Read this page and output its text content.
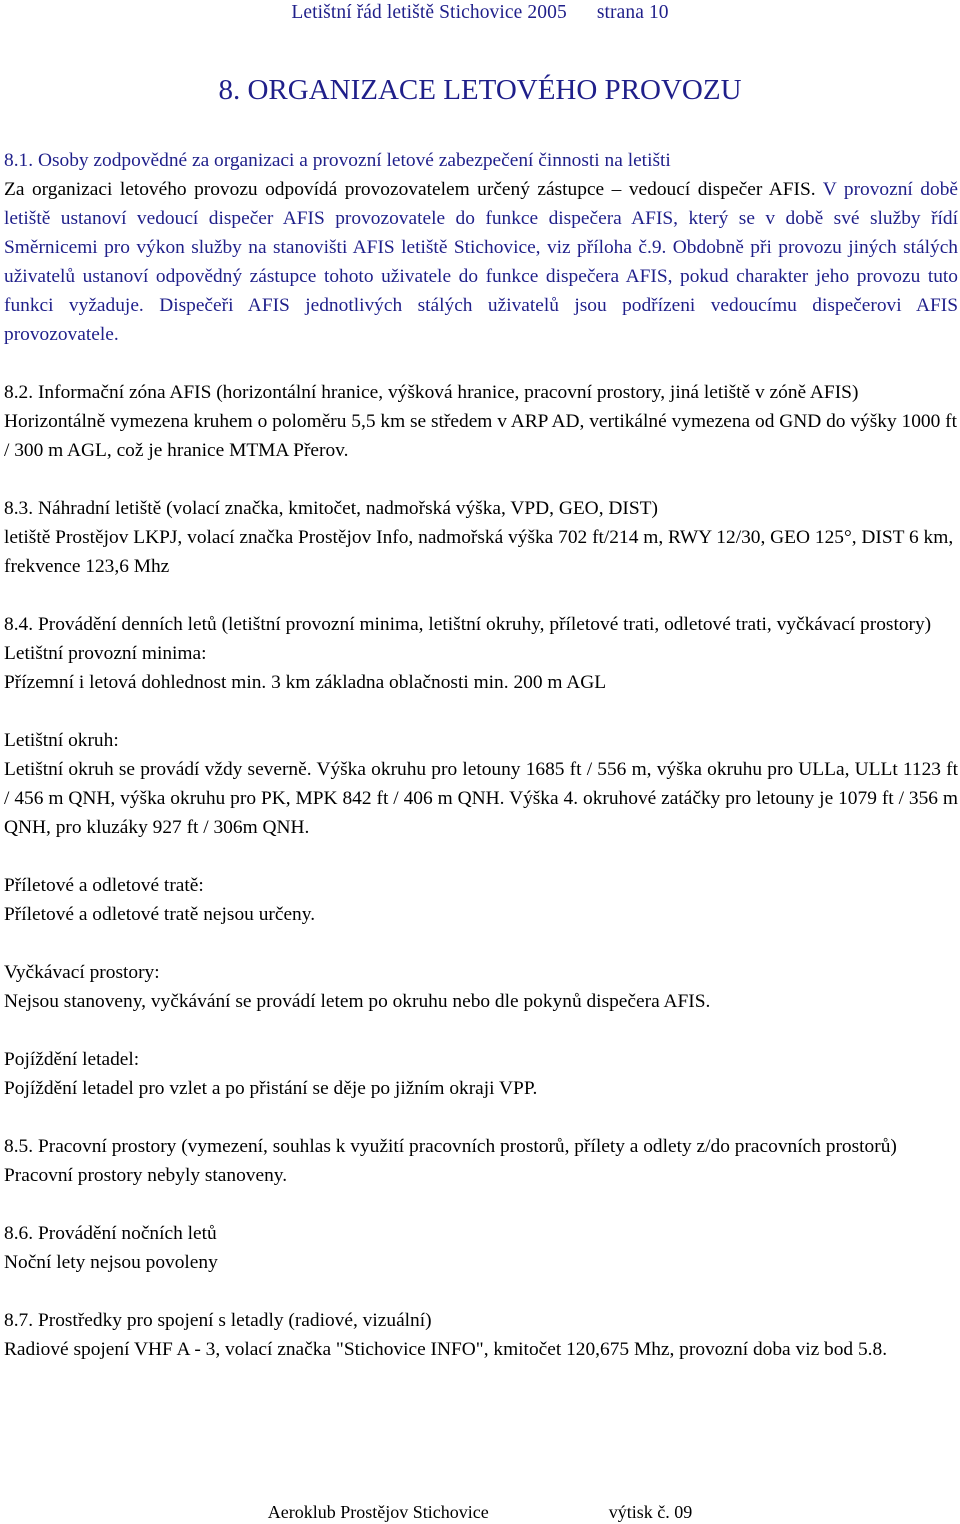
Letištní řád letiště Stichovice 2005 strana 10
8. ORGANIZACE LETOVÉHO PROVOZU

8.1. Osoby zodpovědné za organizaci a provozní letové zabezpečení činnosti na letišti

Za organizaci letového provozu odpovídá provozovatelem určený zástupce – vedoucí dispečer AFIS. V provozní době letiště ustanoví vedoucí dispečer AFIS provozovatele do funkce dispečera AFIS, který se v době své služby řídí Směrnicemi pro výkon služby na stanovišti AFIS letiště Stichovice, viz příloha č.9. Obdobně při provozu jiných stálých uživatelů ustanoví odpovědný zástupce tohoto uživatele do funkce dispečera AFIS, pokud charakter jeho provozu tuto funkci vyžaduje. Dispečeři AFIS jednotlivých stálých uživatelů jsou podřízeni vedoucímu dispečerovi AFIS provozovatele.

8.2. Informační zóna AFIS (horizontální hranice, výšková hranice, pracovní prostory, jiná letiště v zóně AFIS)

Horizontálně vymezena kruhem o poloměru 5,5 km se středem v ARP AD, vertikálné vymezena od GND do výšky 1000 ft / 300 m AGL, což je hranice MTMA Přerov.

8.3. Náhradní letiště (volací značka, kmitočet, nadmořská výška, VPD, GEO, DIST)

letiště Prostějov LKPJ, volací značka Prostějov Info, nadmořská výška 702 ft/214 m, RWY 12/30, GEO 125°, DIST 6 km, frekvence 123,6 Mhz

8.4. Provádění denních letů (letištní provozní minima, letištní okruhy, příletové trati, odletové trati, vyčkávací prostory)

Letištní provozní minima:

Přízemní i letová dohlednost min. 3 km základna oblačnosti min. 200 m AGL

Letištní okruh:

Letištní okruh se provádí vždy severně. Výška okruhu pro letouny 1685 ft / 556 m, výška okruhu pro ULLa, ULLt 1123 ft / 456 m QNH, výška okruhu pro PK, MPK 842 ft / 406 m QNH. Výška 4. okruhové zatáčky pro letouny je 1079 ft / 356 m QNH, pro kluzáky 927 ft / 306m QNH.

Příletové a odletové tratě:

Příletové a odletové tratě nejsou určeny.

Vyčkávací prostory:

Nejsou stanoveny, vyčkávání se provádí letem po okruhu nebo dle pokynů dispečera AFIS.

Pojíždění letadel:

Pojíždění letadel pro vzlet a po přistání se děje po jižním okraji VPP.

8.5. Pracovní prostory (vymezení, souhlas k využití pracovních prostorů, přílety a odlety z/do pracovních prostorů)

Pracovní prostory nebyly stanoveny.

8.6. Provádění nočních letů

Noční lety nejsou povoleny

8.7. Prostředky pro spojení s letadly (radiové, vizuální)

Radiové spojení VHF A - 3, volací značka "Stichovice INFO", kmitočet 120,675 Mhz, provozní doba viz bod 5.8.

Aeroklub Prostějov Stichovice	výtisk č. 09
